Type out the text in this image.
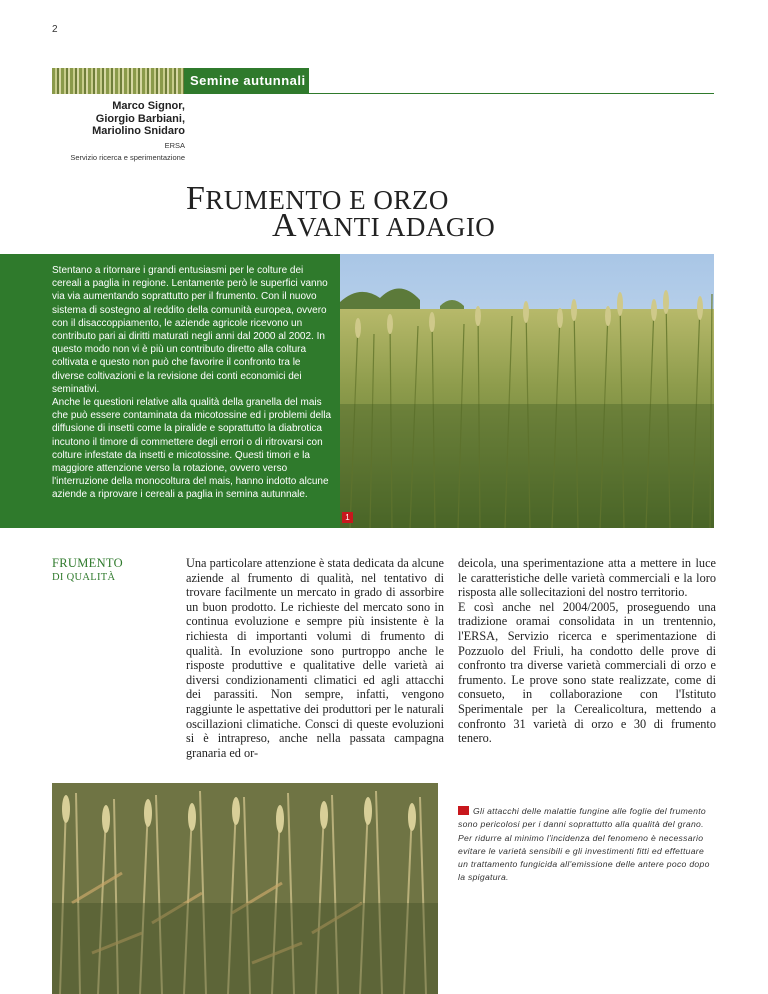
2
Semine autunnali
Marco Signor,
Giorgio Barbiani,
Mariolino Snidaro
ERSA
Servizio ricerca e sperimentazione
FRUMENTO E ORZO
AVANTI ADAGIO
Stentano a ritornare i grandi entusiasmi per le colture dei cereali a paglia in regione. Lentamente però le superfici vanno via via aumentando soprattutto per il frumento. Con il nuovo sistema di sostegno al reddito della comunità europea, ovvero con il disaccoppiamento, le aziende agricole ricevono un contributo pari ai diritti maturati negli anni dal 2000 al 2002. In questo modo non vi è più un contributo diretto alla coltura coltivata e questo non può che favorire il confronto tra le diverse coltivazioni e la revisione dei conti economici dei seminativi.
Anche le questioni relative alla qualità della granella del mais che può essere contaminata da micotossine ed i problemi della diffusione di insetti come la piralide e soprattutto la diabrotica incutono il timore di commettere degli errori o di ritrovarsi con colture infestate da insetti e micotossine. Questi timori e la maggiore attenzione verso la rotazione, ovvero verso l'interruzione della monocoltura del mais, hanno indotto alcune aziende a riprovare i cereali a paglia in semina autunnale.
1
FRUMENTO
DI QUALITÀ
Una particolare attenzione è stata dedicata da alcune aziende al frumento di qualità, nel tentativo di trovare facilmente un mercato in grado di assorbire un buon prodotto. Le richieste del mercato sono in continua evoluzione e sempre più insistente è la richiesta di importanti volumi di frumento di qualità. In evoluzione sono purtroppo anche le risposte produttive e qualitative delle varietà ai diversi condizionamenti climatici ed agli attacchi dei parassiti. Non sempre, infatti, vengono raggiunte le aspettative dei produttori per le naturali oscillazioni climatiche. Consci di queste evoluzioni si è intrapreso, anche nella passata campagna granaria ed or-
deicola, una sperimentazione atta a mettere in luce le caratteristiche delle varietà commerciali e la loro risposta alle sollecitazioni del nostro territorio.
E così anche nel 2004/2005, proseguendo una tradizione oramai consolidata in un trentennio, l'ERSA, Servizio ricerca e sperimentazione di Pozzuolo del Friuli, ha condotto delle prove di confronto tra diverse varietà commerciali di orzo e frumento. Le prove sono state realizzate, come di consueto, in collaborazione con l'Istituto Sperimentale per la Cerealicoltura, mettendo a confronto 31 varietà di orzo e 30 di frumento tenero.
Gli attacchi delle malattie fungine alle foglie del frumento sono pericolosi per i danni soprattutto alla qualità del grano. Per ridurre al minimo l'incidenza del fenomeno è necessario evitare le varietà sensibili e gli investimenti fitti ed effettuare un trattamento fungicida all'emissione delle antere poco dopo la spigatura.
